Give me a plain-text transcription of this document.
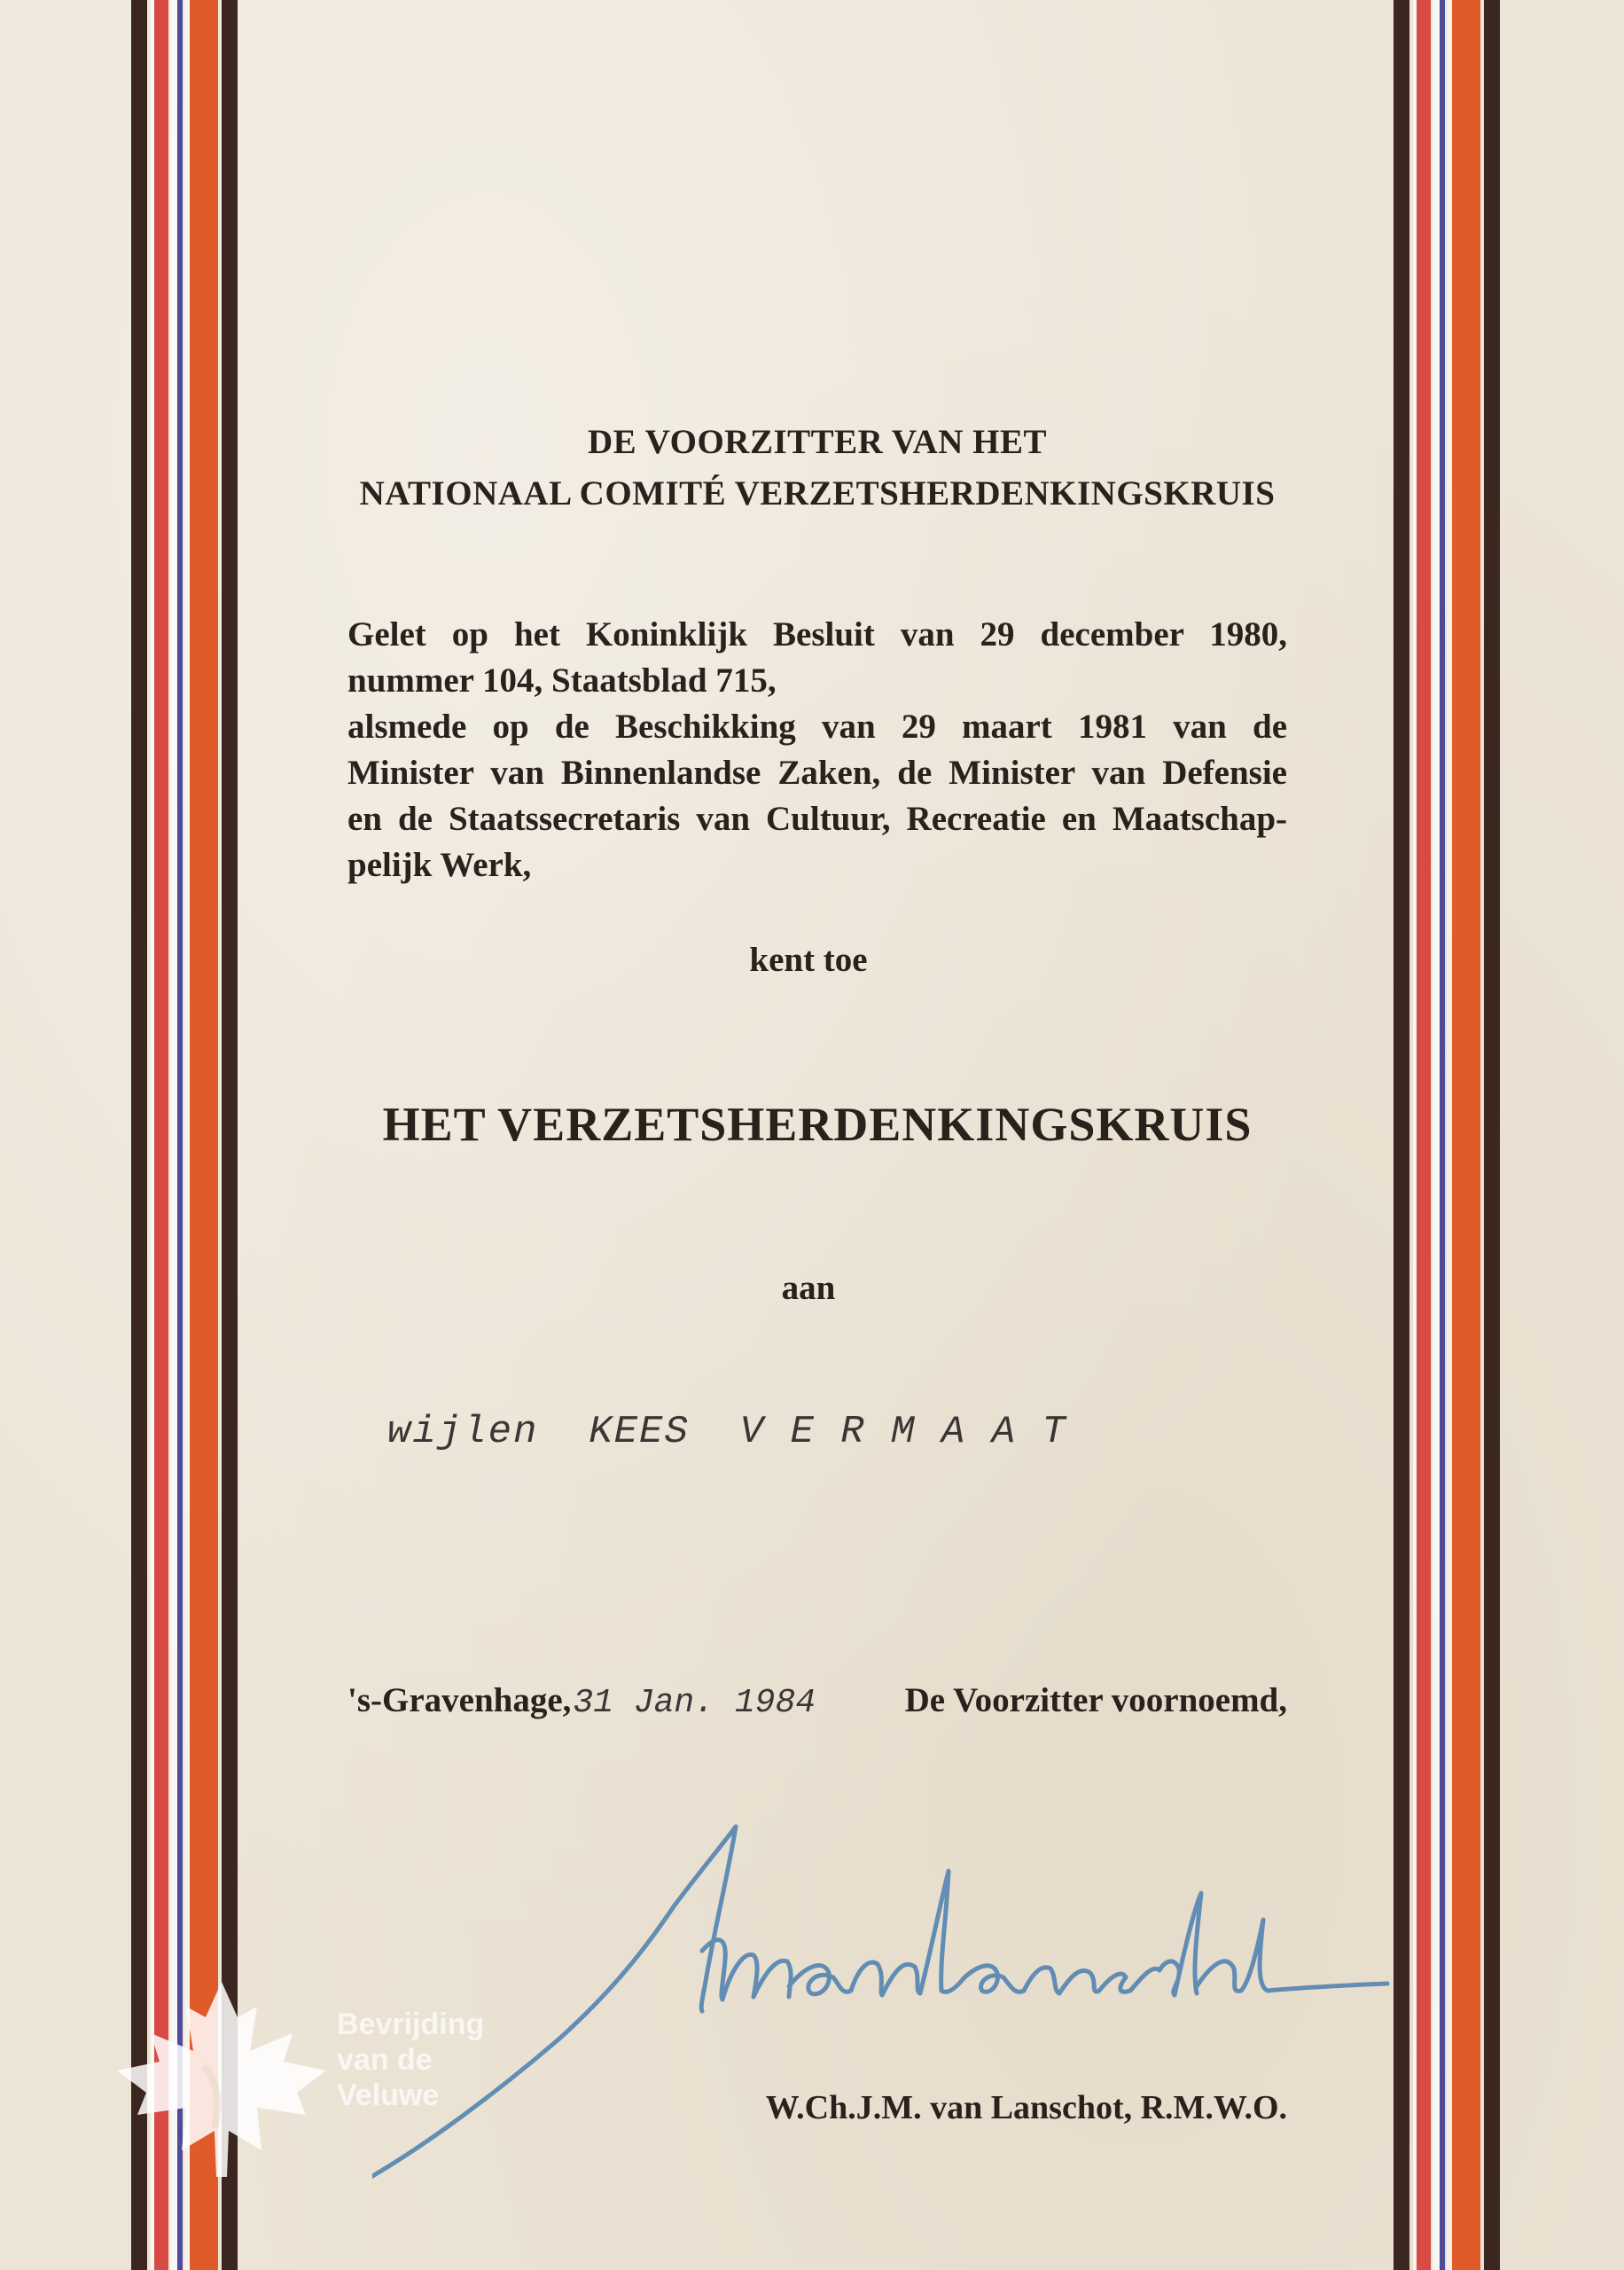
DE VOORZITTER VAN HET
NATIONAAL COMITÉ VERZETSHERDENKINGSKRUIS
Gelet op het Koninklijk Besluit van 29 december 1980,
nummer 104, Staatsblad 715,
alsmede op de Beschikking van 29 maart 1981 van de
Minister van Binnenlandse Zaken, de Minister van Defensie
en de Staatssecretaris van Cultuur, Recreatie en Maatschap-
pelijk Werk,
kent toe
HET VERZETSHERDENKINGSKRUIS
aan
wijlen  KEES  V E R M A A T
's-Gravenhage,31 Jan. 1984	De Voorzitter voornoemd,
W.Ch.J.M. van Lanschot, R.M.W.O.
Bevrijding
van de
Veluwe
